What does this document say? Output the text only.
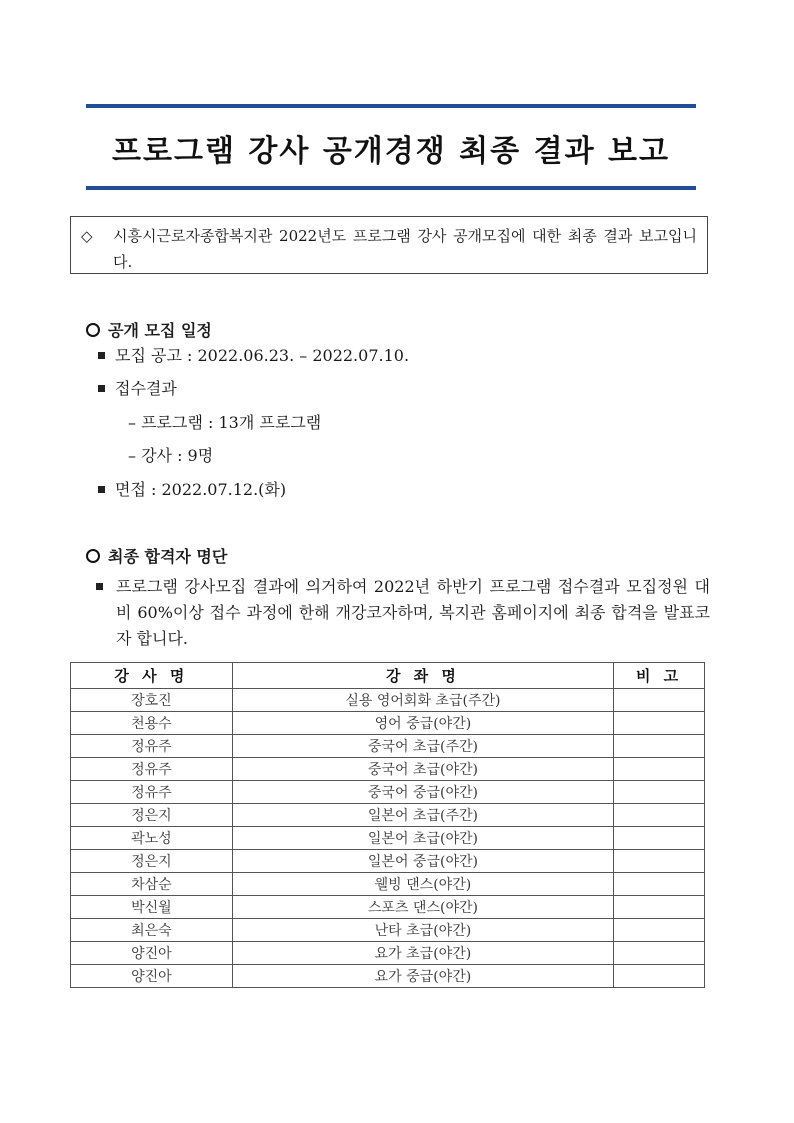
프로그램 강사 공개경쟁 최종 결과 보고
◇	시흥시근로자종합복지관 2022년도 프로그램 강사 공개모집에 대한 최종 결과 보고입니다.
공개 모집 일정
모집 공고 : 2022.06.23. – 2022.07.10.
접수결과
– 프로그램 : 13개 프로그램
– 강사 : 9명
면접 : 2022.07.12.(화)
최종 합격자 명단
프로그램 강사모집 결과에 의거하여 2022년 하반기 프로그램 접수결과 모집정원 대비 60%이상 접수 과정에 한해 개강코자하며, 복지관 홈페이지에 최종 합격을 발표코자 합니다.
강 사 명	강 좌 명	비 고
장호진	실용 영어회화 초급(주간)	
천용수	영어 중급(야간)	
정유주	중국어 초급(주간)	
정유주	중국어 초급(야간)	
정유주	중국어 중급(야간)	
정은지	일본어 초급(주간)	
곽노성	일본어 초급(야간)	
정은지	일본어 중급(야간)	
차삼순	웰빙 댄스(야간)	
박신월	스포츠 댄스(야간)	
최은숙	난타 초급(야간)	
양진아	요가 초급(야간)	
양진아	요가 중급(야간)	
